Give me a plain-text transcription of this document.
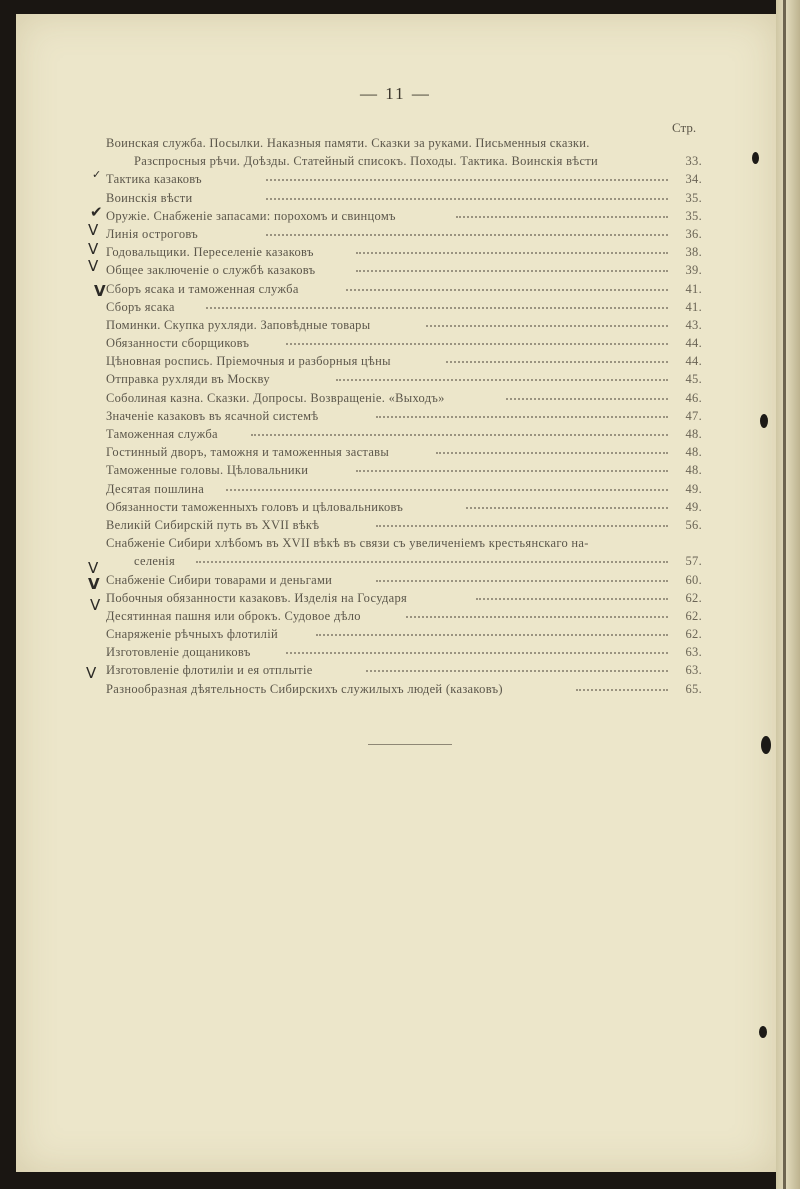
— 11 —
Стр.
Воинская служба. Посылки. Наказныя памяти. Сказки за руками. Письменныя сказки.
Разспросныя рѣчи. Доѣзды. Статейный списокъ. Походы. Тактика. Воинскія вѣсти	33.
Тактика казаковъ	34.
Воинскія вѣсти	35.
Оружіе. Снабженіе запасами: порохомъ и свинцомъ	35.
Линія остроговъ	36.
Годовальщики. Переселеніе казаковъ	38.
Общее заключеніе о службѣ казаковъ	39.
Сборъ ясака и таможенная служба	41.
Сборъ ясака	41.
Поминки. Скупка рухляди. Заповѣдные товары	43.
Обязанности сборщиковъ	44.
Цѣновная роспись. Пріемочныя и разборныя цѣны	44.
Отправка рухляди въ Москву	45.
Соболиная казна. Сказки. Допросы. Возвращеніе. «Выходъ»	46.
Значеніе казаковъ въ ясачной системѣ	47.
Таможенная служба	48.
Гостинный дворъ, таможня и таможенныя заставы	48.
Таможенные головы. Цѣловальники	48.
Десятая пошлина	49.
Обязанности таможенныхъ головъ и цѣловальниковъ	49.
Великій Сибирскій путь въ XVII вѣкѣ	56.
Снабженіе Сибири хлѣбомъ въ XVII вѣкѣ въ связи съ увеличеніемъ крестьянскаго на-
селенія	57.
Снабженіе Сибири товарами и деньгами	60.
Побочныя обязанности казаковъ. Изделія на Государя	62.
Десятинная пашня или оброкъ. Судовое дѣло	62.
Снаряженіе рѣчныхъ флотилій	62.
Изготовленіе дощаниковъ	63.
Изготовленіе флотиліи и ея отплытіе	63.
Разнообразная дѣятельность Сибирскихъ служилыхъ людей (казаковъ)	65.
✓
✔
V
V
V
V
V
V
V
V
